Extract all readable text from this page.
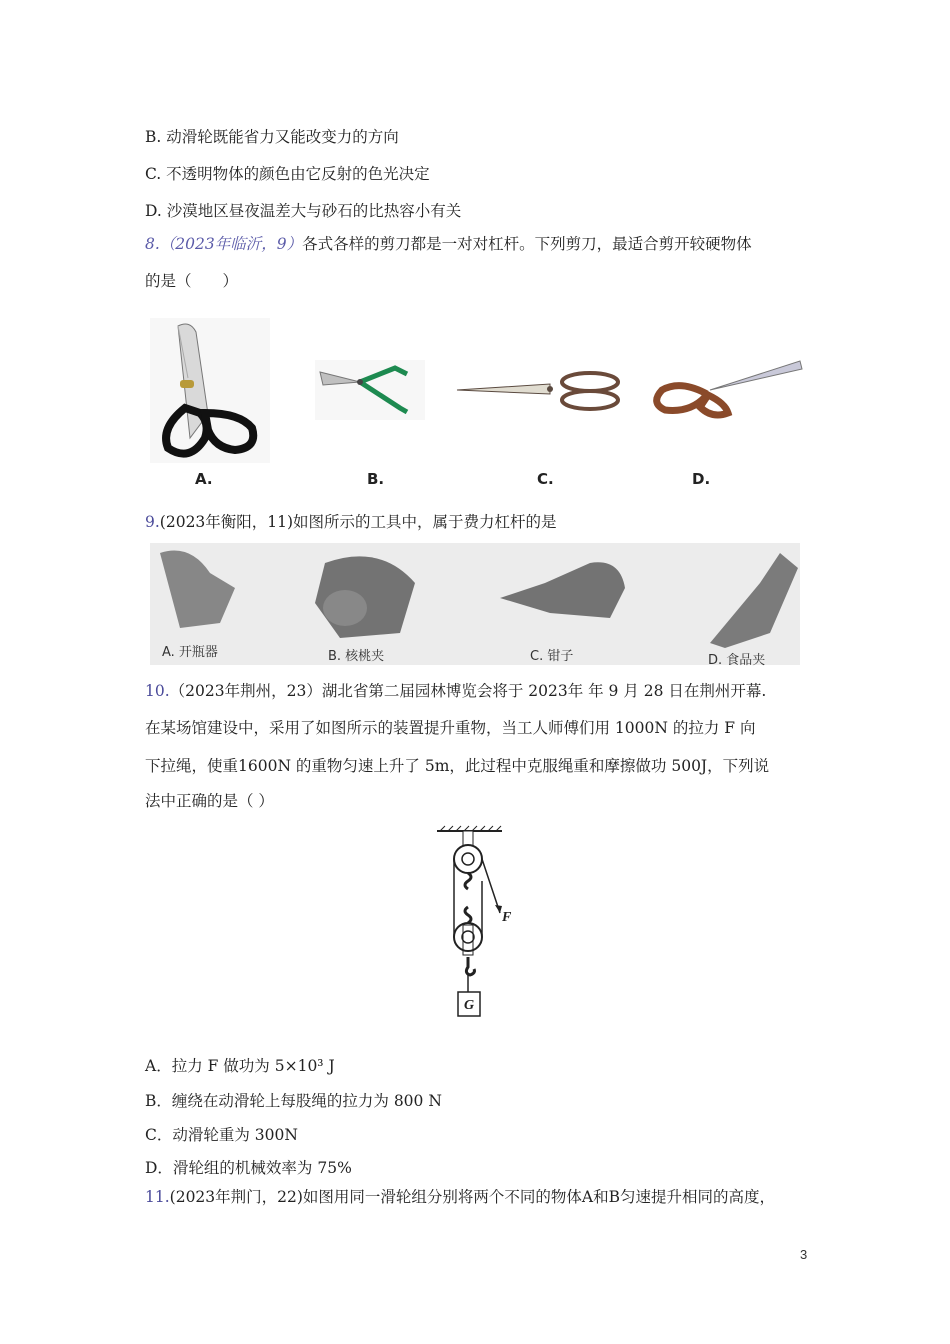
B. 动滑轮既能省力又能改变力的方向
C. 不透明物体的颜色由它反射的色光决定
D. 沙漠地区昼夜温差大与砂石的比热容小有关
8.（2023年临沂，9）各式各样的剪刀都是一对对杠杆。下列剪刀，最适合剪开较硬物体
的是（　　）
A.	B.	C.	D.
9.(2023年衡阳，11)如图所示的工具中，属于费力杠杆的是
A. 开瓶器	B. 核桃夹	C. 钳子	D. 食品夹
10.（2023年荆州，23）湖北省第二届园林博览会将于 2023年 年 9 月 28 日在荆州开幕.
在某场馆建设中，采用了如图所示的装置提升重物，当工人师傅们用 1000N 的拉力 F 向
下拉绳，使重1600N 的重物匀速上升了 5m，此过程中克服绳重和摩擦做功 500J，下列说
法中正确的是（ ）
F
G
A．拉力 F 做功为 5×10³ J
B．缠绕在动滑轮上每股绳的拉力为 800 N
C．动滑轮重为 300N
D．滑轮组的机械效率为 75%
11.(2023年荆门，22)如图用同一滑轮组分别将两个不同的物体A和B匀速提升相同的高度，
3
